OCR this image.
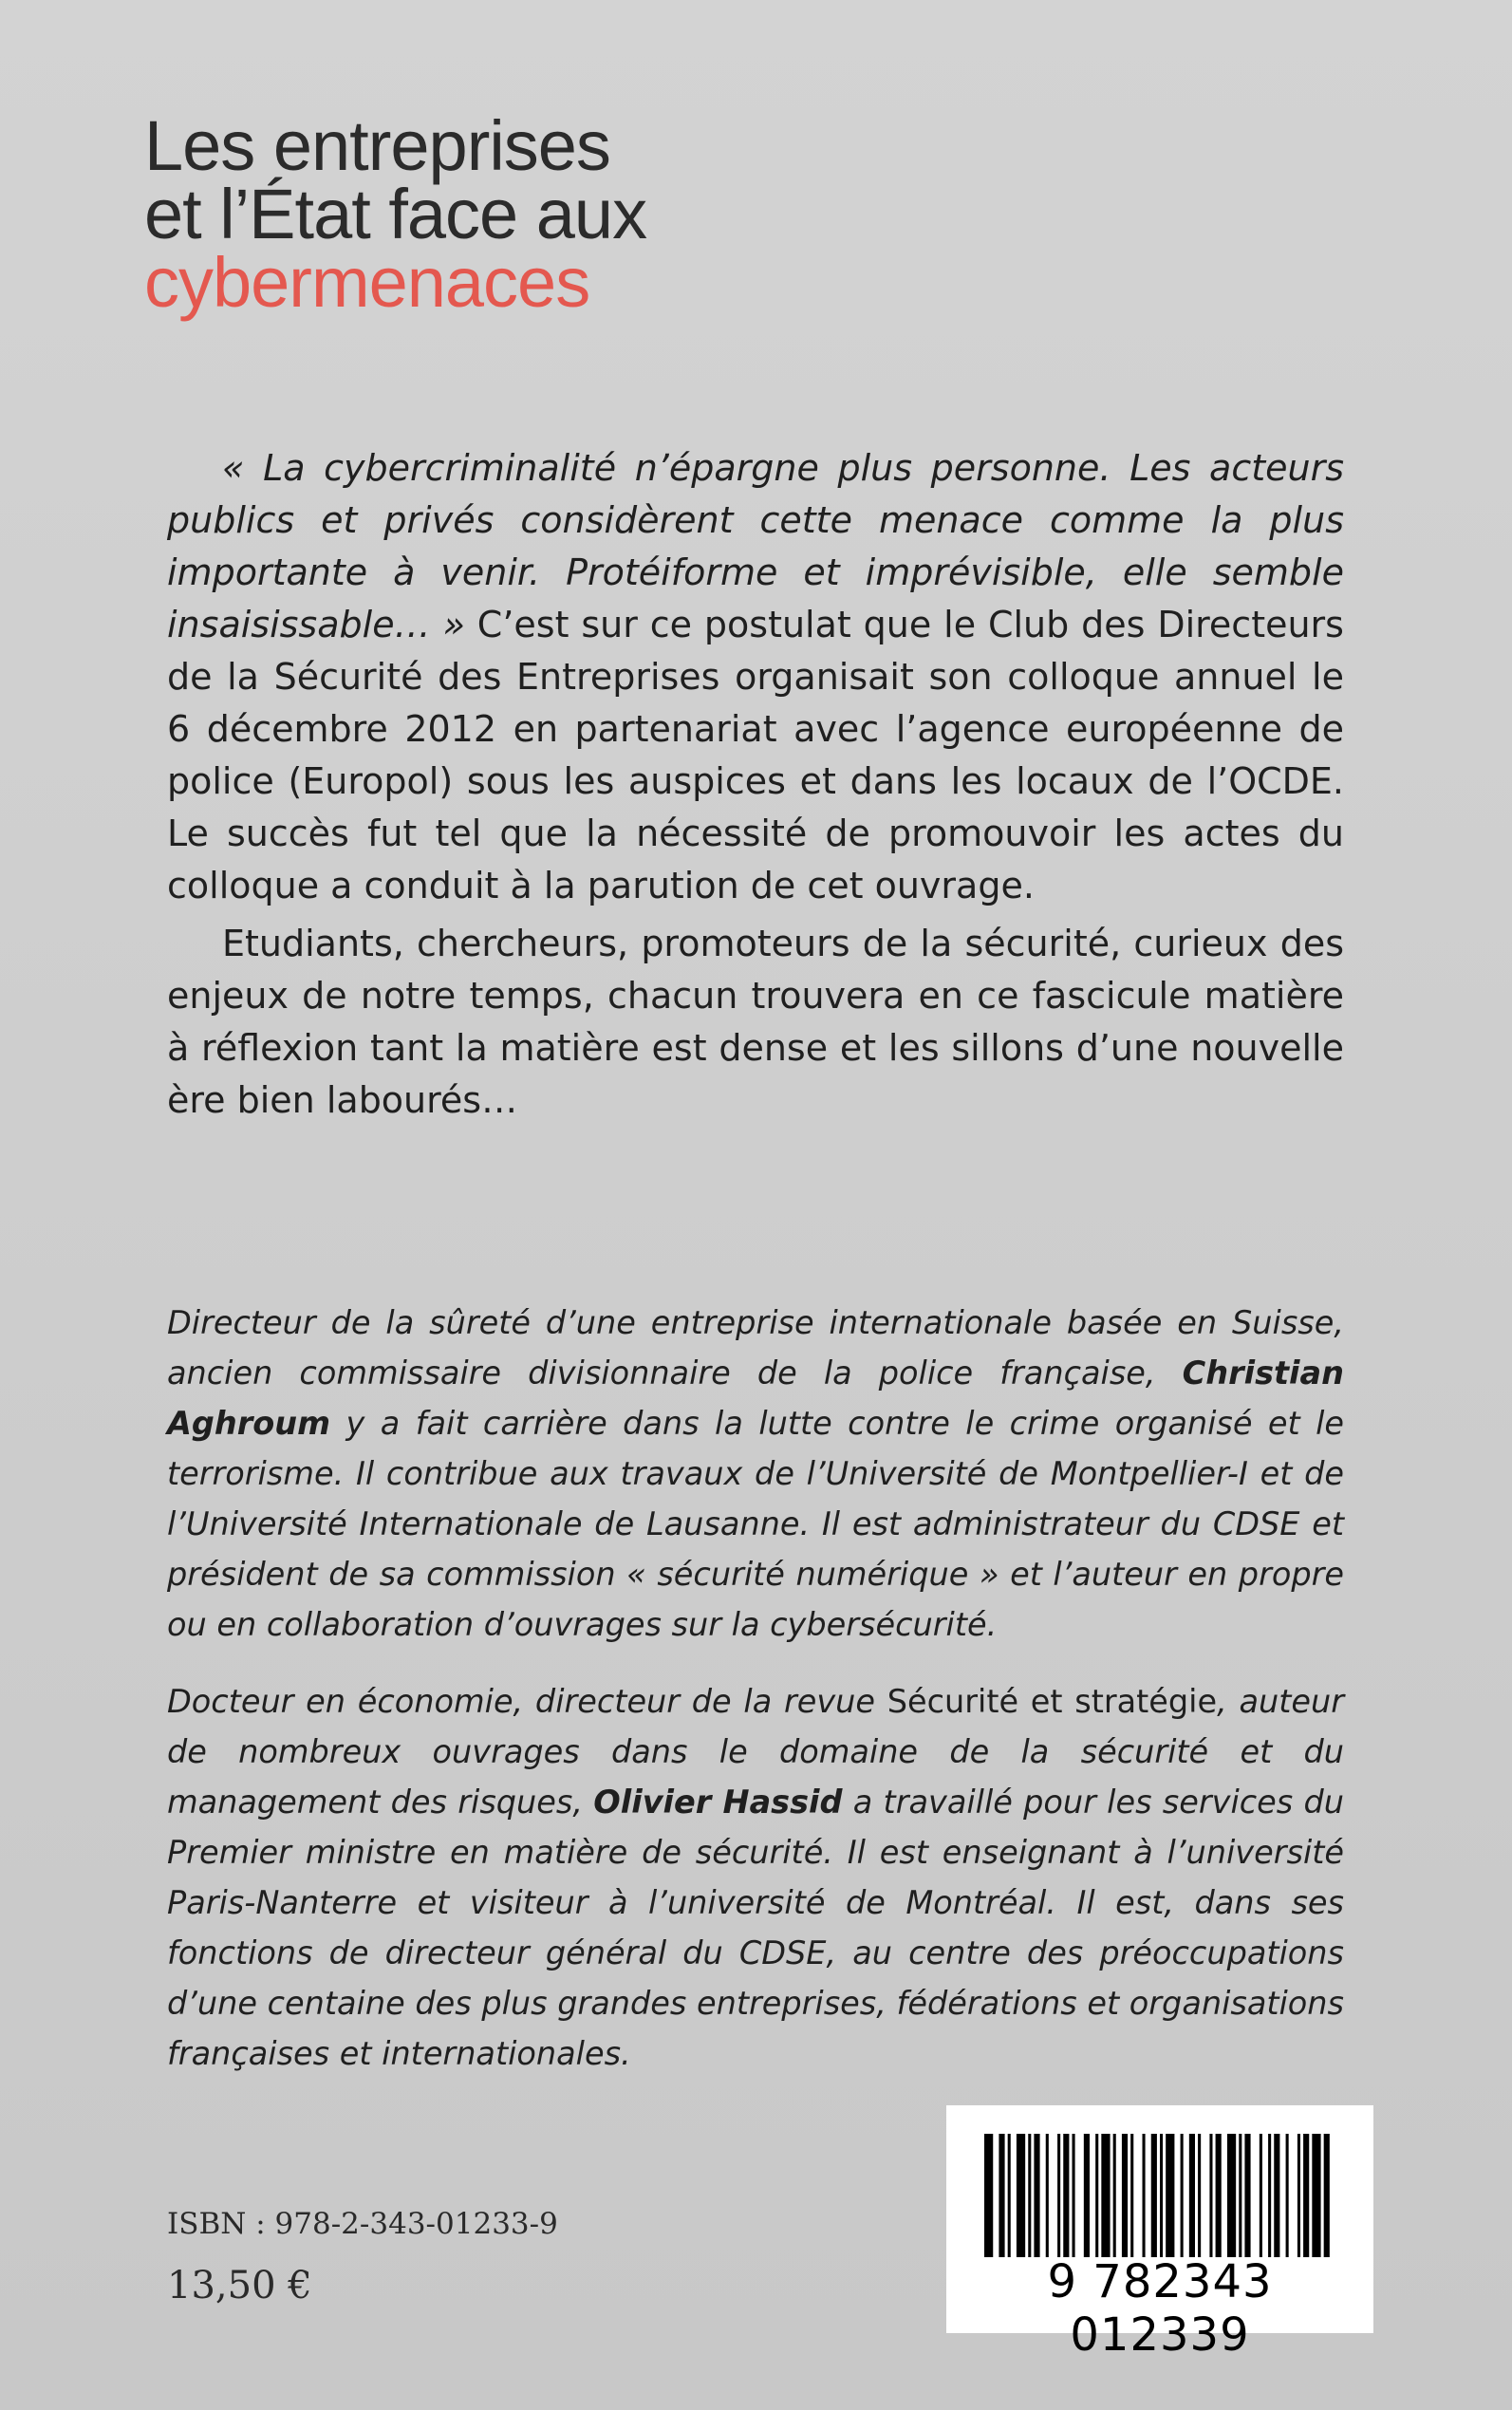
Les entreprises
et l’État face aux
cybermenaces

« La cybercriminalité n’épargne plus personne. Les acteurs publics et privés considèrent cette menace comme la plus importante à venir. Protéiforme et imprévisible, elle semble insaisissable… » C’est sur ce postulat que le Club des Directeurs de la Sécurité des Entreprises organisait son colloque annuel le 6 décembre 2012 en partenariat avec l’agence européenne de police (Europol) sous les auspices et dans les locaux de l’OCDE. Le succès fut tel que la nécessité de promouvoir les actes du colloque a conduit à la parution de cet ouvrage.

Etudiants, chercheurs, promoteurs de la sécurité, curieux des enjeux de notre temps, chacun trouvera en ce fascicule matière à réflexion tant la matière est dense et les sillons d’une nouvelle ère bien labourés…

Directeur de la sûreté d’une entreprise internationale basée en Suisse, ancien commissaire divisionnaire de la police française, Christian Aghroum y a fait carrière dans la lutte contre le crime organisé et le terrorisme. Il contribue aux travaux de l’Université de Montpellier-I et de l’Université Internationale de Lausanne. Il est administrateur du CDSE et président de sa commission « sécurité numérique » et l’auteur en propre ou en collaboration d’ouvrages sur la cybersécurité.

Docteur en économie, directeur de la revue Sécurité et stratégie, auteur de nombreux ouvrages dans le domaine de la sécurité et du management des risques, Olivier Hassid a travaillé pour les services du Premier ministre en matière de sécurité. Il est enseignant à l’université Paris-Nanterre et visiteur à l’université de Montréal. Il est, dans ses fonctions de directeur général du CDSE, au centre des préoccupations d’une centaine des plus grandes entreprises, fédérations et organisations françaises et internationales.

ISBN : 978-2-343-01233-9
13,50 €	9 782343 012339
